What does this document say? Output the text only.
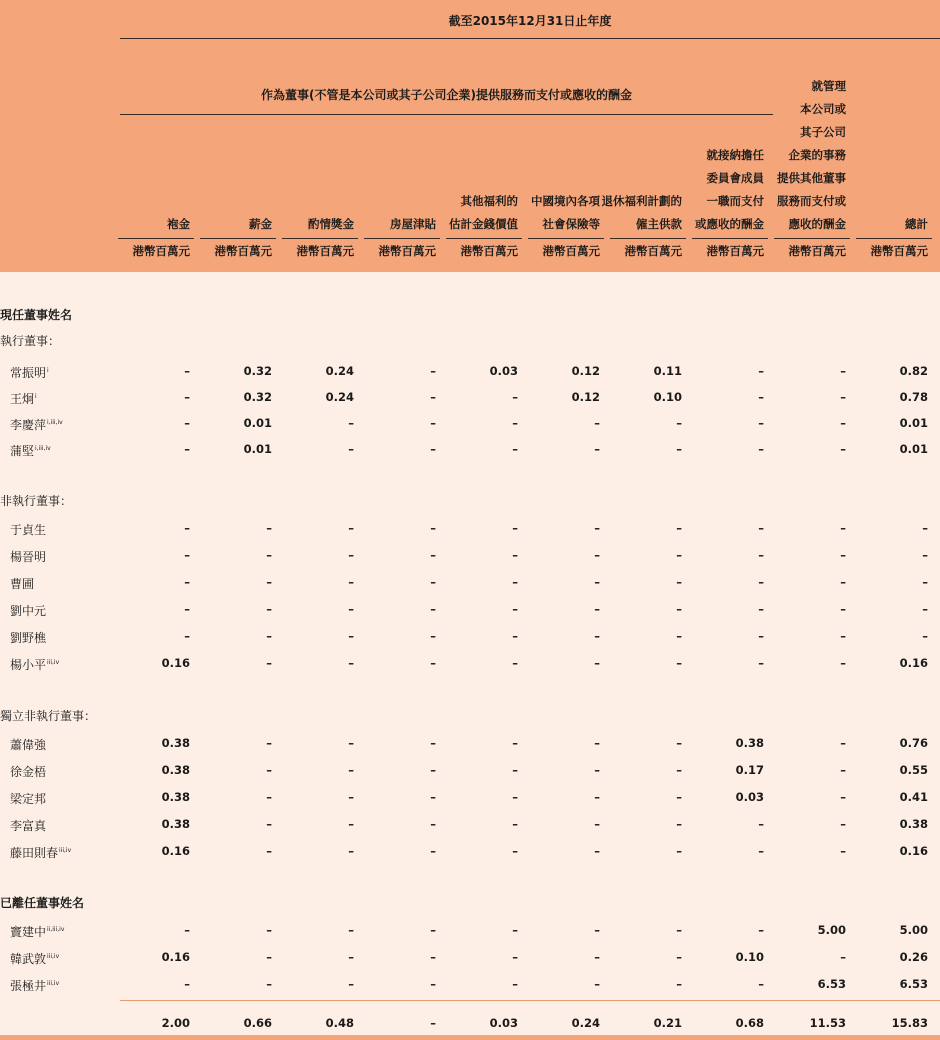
截至2015年12月31日止年度
作為董事(不管是本公司或其子公司企業)提供服務而支付或應收的酬金
袍金
港幣百萬元
薪金
港幣百萬元
酌情獎金
港幣百萬元
房屋津貼
港幣百萬元
其他福利的
估計金錢價值
港幣百萬元
中國境內各項
社會保險等
港幣百萬元
退休福利計劃的
僱主供款
港幣百萬元
就接納擔任
委員會成員
一職而支付
或應收的酬金
港幣百萬元
就管理
本公司或
其子公司
企業的事務
提供其他董事
服務而支付或
應收的酬金
港幣百萬元
總計
港幣百萬元
現任董事姓名
執行董事：
非執行董事：
獨立非執行董事：
已離任董事姓名
常振明$^i$	–	0.32	0.24	–	0.03	0.12	0.11	–	–	0.82
王炯$^i$	–	0.32	0.24	–	–	0.12	0.10	–	–	0.78
李慶萍$^{i,iii,iv}$	–	0.01	–	–	–	–	–	–	–	0.01
蒲堅$^{i,iii,iv}$	–	0.01	–	–	–	–	–	–	–	0.01
于貞生	–	–	–	–	–	–	–	–	–	–
楊晉明	–	–	–	–	–	–	–	–	–	–
曹圃	–	–	–	–	–	–	–	–	–	–
劉中元	–	–	–	–	–	–	–	–	–	–
劉野樵	–	–	–	–	–	–	–	–	–	–
楊小平$^{iii,iv}$	0.16	–	–	–	–	–	–	–	–	0.16
蕭偉強	0.38	–	–	–	–	–	–	0.38	–	0.76
徐金梧	0.38	–	–	–	–	–	–	0.17	–	0.55
梁定邦	0.38	–	–	–	–	–	–	0.03	–	0.41
李富真	0.38	–	–	–	–	–	–	–	–	0.38
藤田則春$^{iii,iv}$	0.16	–	–	–	–	–	–	–	–	0.16
竇建中$^{ii,iii,iv}$	–	–	–	–	–	–	–	–	5.00	5.00
韓武敦$^{iii,iv}$	0.16	–	–	–	–	–	–	0.10	–	0.26
張極井$^{iii,iv}$	–	–	–	–	–	–	–	–	6.53	6.53
2.00	0.66	0.48	–	0.03	0.24	0.21	0.68	11.53	15.83
